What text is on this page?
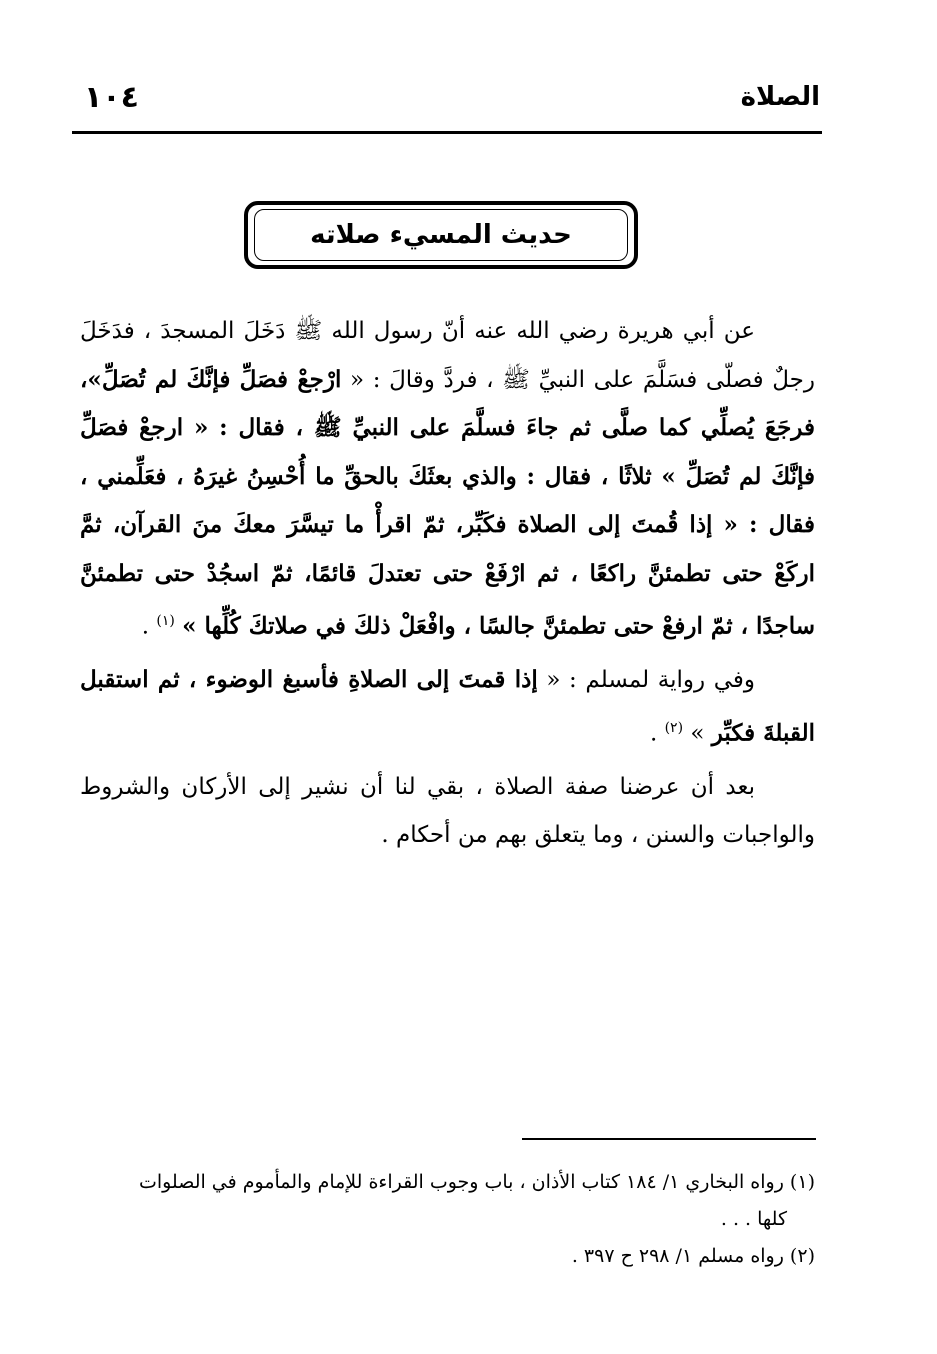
١٠٤	الصلاة
حديث المسيء صلاته
عن أبي هريرة رضي الله عنه أنّ رسول الله ﷺ دَخَلَ المسجدَ ، فدَخَلَ رجلٌ فصلّى فسَلَّمَ على النبيِّ ﷺ ، فردَّ وقالَ : « ارْجعْ فصَلِّ فإنَّكَ لم تُصَلِّ»، فرجَعَ يُصلِّي كما صلَّى ثم جاءَ فسلَّمَ على النبيِّ ﷺ ، فقال : « ارجعْ فصَلِّ فإنَّكَ لم تُصَلِّ » ثلاثًا ، فقال : والذي بعثَكَ بالحقِّ ما أُحْسِنُ غيرَهُ ، فعَلِّمني ، فقال : « إذا قُمتَ إلى الصلاة فكَبِّر، ثمّ اقرأْ ما تيسَّرَ معكَ منَ القرآن، ثمَّ اركَعْ حتى تطمئنَّ راكعًا ، ثم ارْفَعْ حتى تعتدلَ قائمًا، ثمّ اسجُدْ حتى تطمئنَّ ساجدًا ، ثمّ ارفعْ حتى تطمئنَّ جالسًا ، وافْعَلْ ذلكَ في صلاتكَ كُلِّها » $^{(١)}$ .
وفي رواية لمسلم : « إذا قمتَ إلى الصلاةِ فأسبغ الوضوء ، ثم استقبل القبلةَ فكبِّر » $^{(٢)}$ .
بعد أن عرضنا صفة الصلاة ، بقي لنا أن نشير إلى الأركان والشروط والواجبات والسنن ، وما يتعلق بهم من أحكام .

(١) رواه البخاري ١/ ١٨٤ كتاب الأذان ، باب وجوب القراءة للإمام والمأموم في الصلوات

كلها . . .

(٢) رواه مسلم ١/ ٢٩٨ ح ٣٩٧ .
